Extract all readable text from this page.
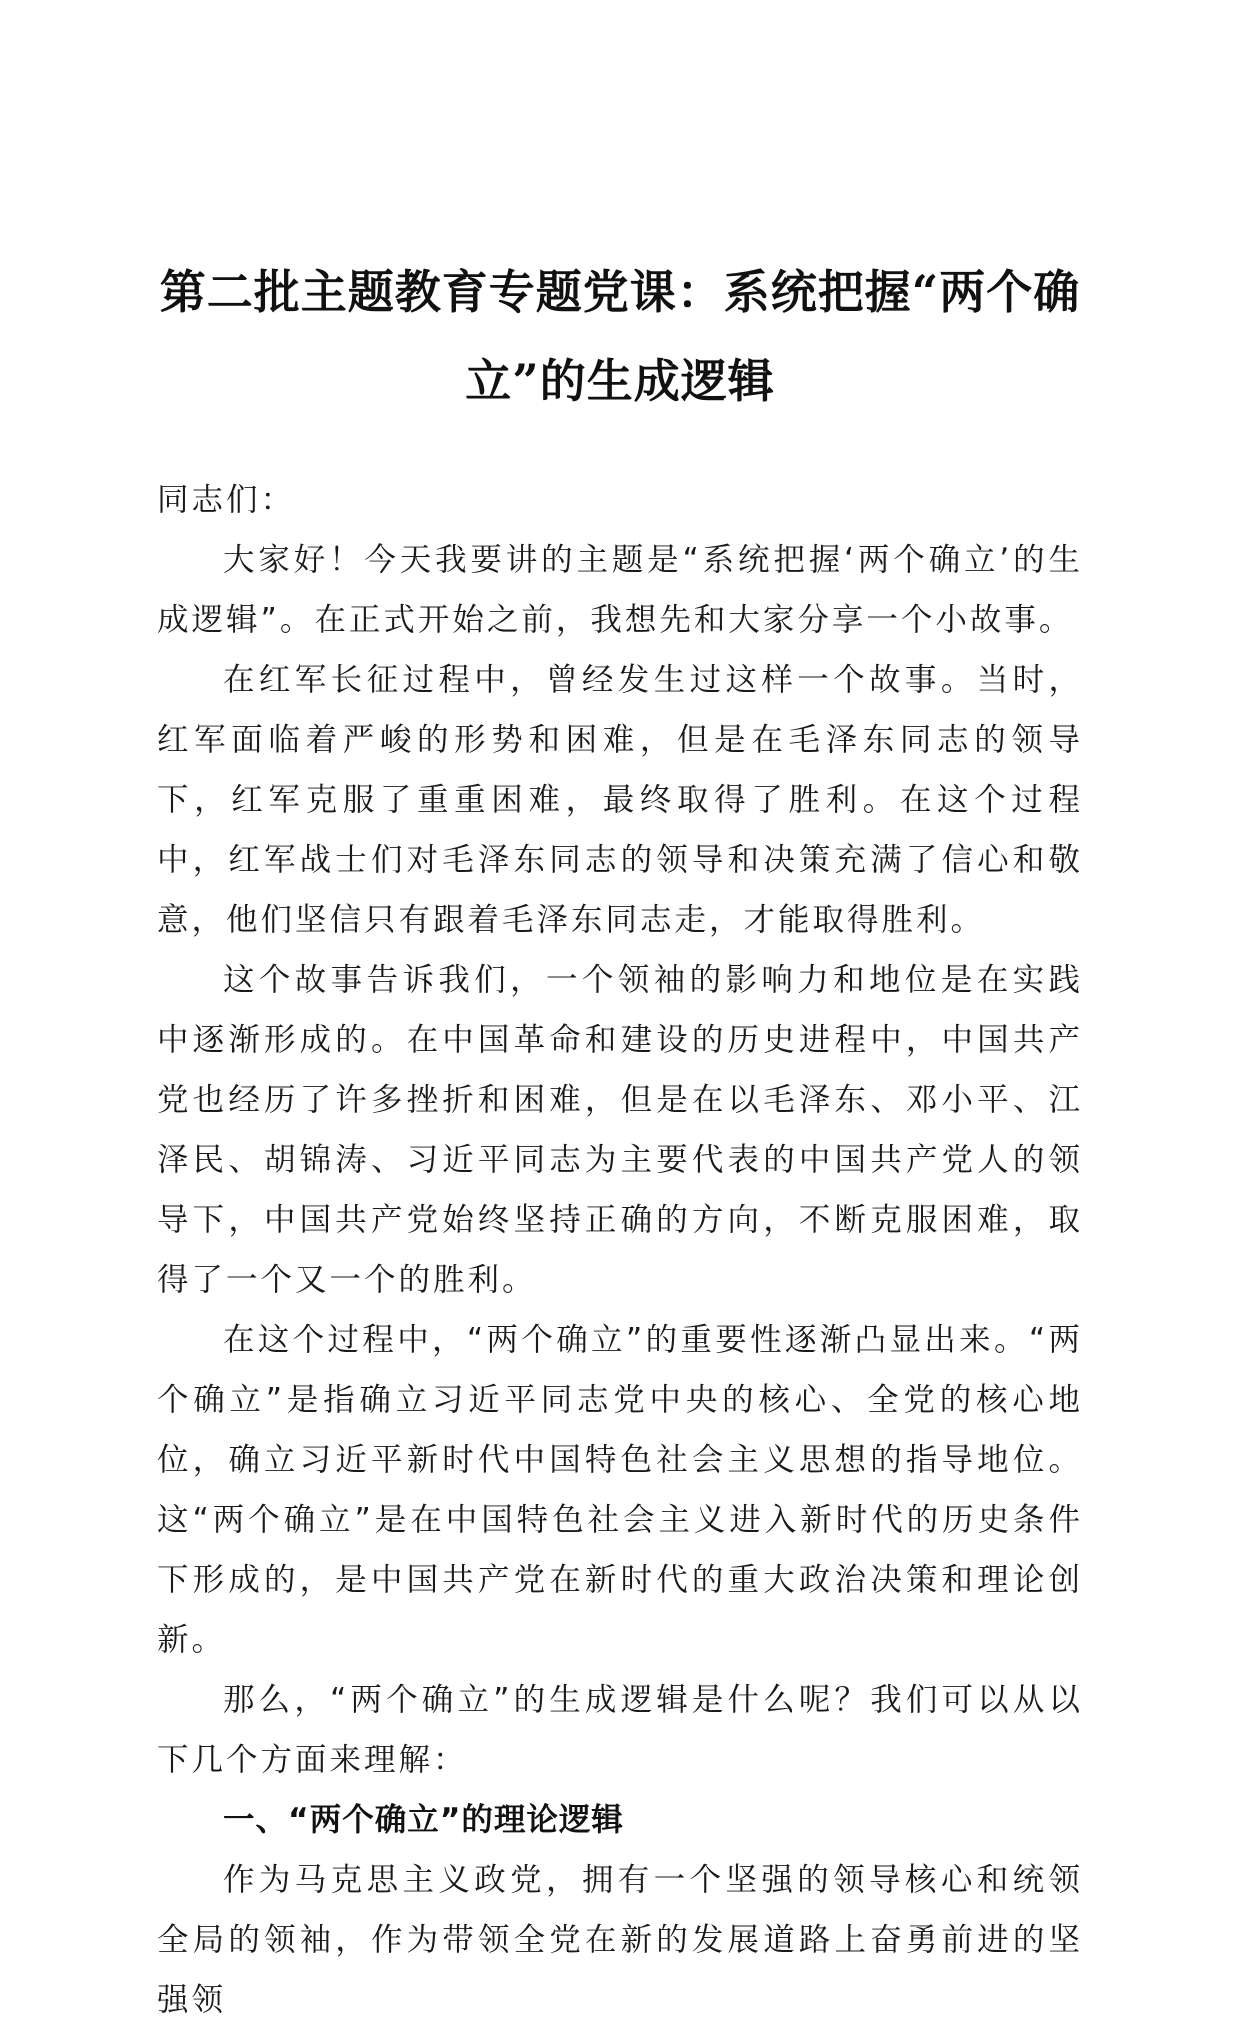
第二批主题教育专题党课：系统把握“两个确立”的生成逻辑

同志们：

大家好！今天我要讲的主题是“系统把握‘两个确立’的生成逻辑”。在正式开始之前，我想先和大家分享一个小故事。

在红军长征过程中，曾经发生过这样一个故事。当时，红军面临着严峻的形势和困难，但是在毛泽东同志的领导下，红军克服了重重困难，最终取得了胜利。在这个过程中，红军战士们对毛泽东同志的领导和决策充满了信心和敬意，他们坚信只有跟着毛泽东同志走，才能取得胜利。

这个故事告诉我们，一个领袖的影响力和地位是在实践中逐渐形成的。在中国革命和建设的历史进程中，中国共产党也经历了许多挫折和困难，但是在以毛泽东、邓小平、江泽民、胡锦涛、习近平同志为主要代表的中国共产党人的领导下，中国共产党始终坚持正确的方向，不断克服困难，取得了一个又一个的胜利。

在这个过程中，“两个确立”的重要性逐渐凸显出来。“两个确立”是指确立习近平同志党中央的核心、全党的核心地位，确立习近平新时代中国特色社会主义思想的指导地位。这“两个确立”是在中国特色社会主义进入新时代的历史条件下形成的，是中国共产党在新时代的重大政治决策和理论创新。

那么，“两个确立”的生成逻辑是什么呢？我们可以从以下几个方面来理解：

一、“两个确立”的理论逻辑

作为马克思主义政党，拥有一个坚强的领导核心和统领全局的领袖，作为带领全党在新的发展道路上奋勇前进的坚强领
